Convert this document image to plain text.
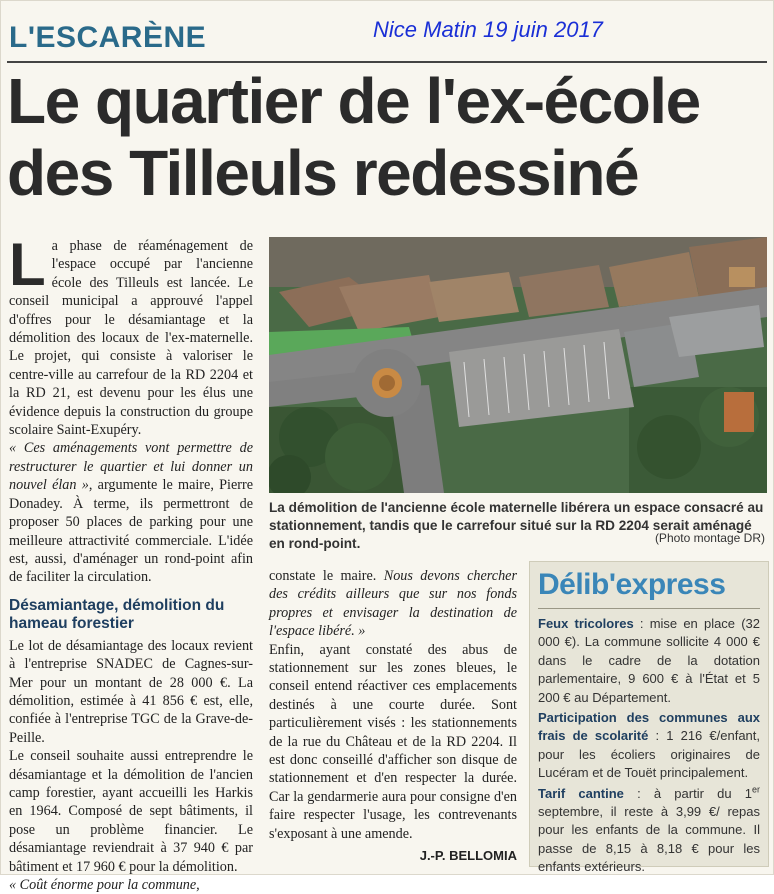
L'ESCARÈNE	Nice Matin 19 juin 2017
Le quartier de l'ex-école
des Tilleuls redessiné

La phase de réaménagement de l'espace occupé par l'ancienne école des Tilleuls est lancée. Le conseil municipal a approuvé l'appel d'offres pour le désamiantage et la démolition des locaux de l'ex-maternelle. Le projet, qui consiste à valoriser le centre-ville au carrefour de la RD 2204 et la RD 21, est devenu pour les élus une évidence depuis la construction du groupe scolaire Saint-Exupéry.

« Ces aménagements vont permettre de restructurer le quartier et lui donner un nouvel élan », argumente le maire, Pierre Donadey. À terme, ils permettront de proposer 50 places de parking pour une meilleure attractivité commerciale. L'idée est, aussi, d'aménager un rond-point afin de faciliter la circulation.

Désamiantage, démolition du hameau forestier

Le lot de désamiantage des locaux revient à l'entreprise SNADEC de Cagnes-sur-Mer pour un montant de 28 000 €. La démolition, estimée à 41 856 € est, elle, confiée à l'entreprise TGC de la Grave-de-Peille.

Le conseil souhaite aussi entreprendre le désamiantage et la démolition de l'ancien camp forestier, ayant accueilli les Harkis en 1964. Composé de sept bâtiments, il pose un problème financier. Le désamiantage reviendrait à 37 940 € par bâtiment et 17 960 € pour la démolition.

« Coût énorme pour la commune,

La démolition de l'ancienne école maternelle libérera un espace consacré au stationnement, tandis que le carrefour situé sur la RD 2204 serait aménagé en rond-point.	(Photo montage DR)

constate le maire. Nous devons chercher des crédits ailleurs que sur nos fonds propres et envisager la destination de l'espace libéré. »

Enfin, ayant constaté des abus de stationnement sur les zones bleues, le conseil entend réactiver ces emplacements destinés à une courte durée. Sont particulièrement visés : les stationnements de la rue du Château et de la RD 2204. Il est donc conseillé d'afficher son disque de stationnement et d'en respecter la durée. Car la gendarmerie aura pour consigne d'en faire respecter l'usage, les contrevenants s'exposant à une amende.

J.-P. BELLOMIA

Délib'express

Feux tricolores : mise en place (32 000 €). La commune sollicite 4 000 € dans le cadre de la dotation parlementaire, 9 600 € à l'État et 5 200 € au Département.

Participation des communes aux frais de scolarité : 1 216 €/enfant, pour les écoliers originaires de Lucéram et de Touët principalement.

Tarif cantine : à partir du 1er septembre, il reste à 3,99 €/ repas pour les enfants de la commune. Il passe de 8,15 à 8,18 € pour les enfants extérieurs.
